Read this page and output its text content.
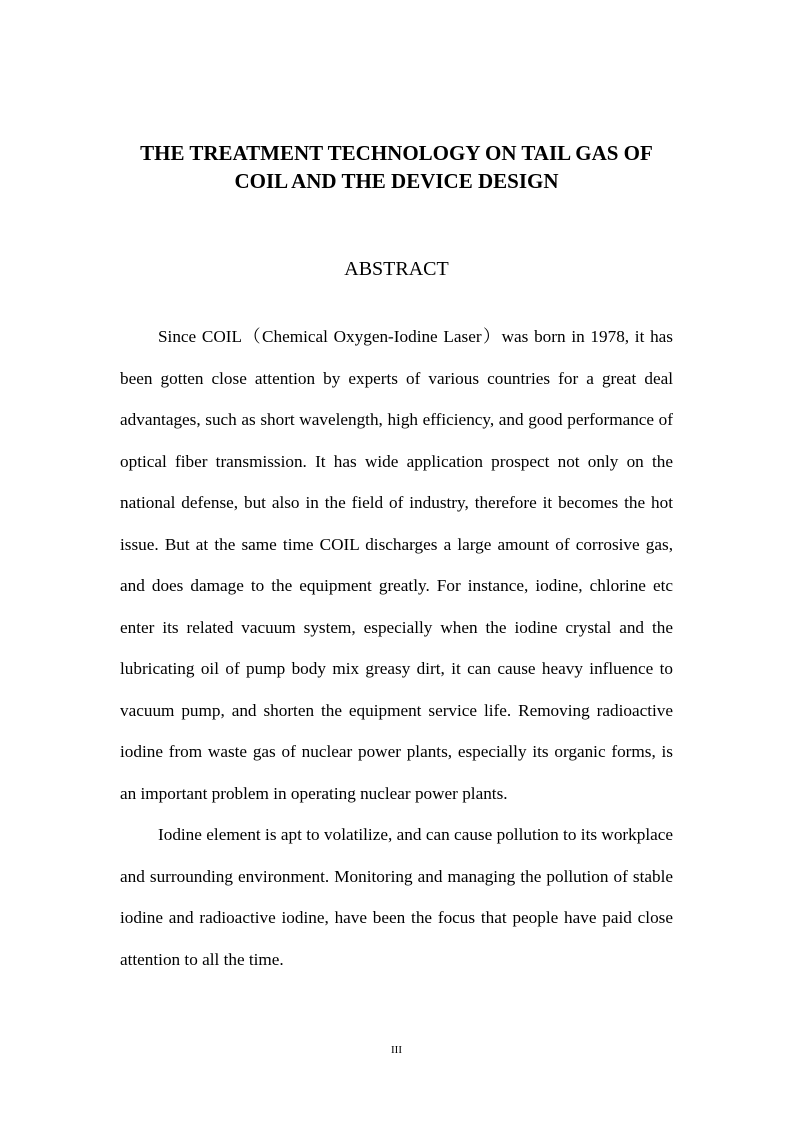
THE TREATMENT TECHNOLOGY ON TAIL GAS OF
COIL AND THE DEVICE DESIGN
ABSTRACT

Since COIL（Chemical Oxygen-Iodine Laser）was born in 1978, it has been gotten close attention by experts of various countries for a great deal advantages, such as short wavelength, high efficiency, and good performance of optical fiber transmission. It has wide application prospect not only on the national defense, but also in the field of industry, therefore it becomes the hot issue. But at the same time COIL discharges a large amount of corrosive gas, and does damage to the equipment greatly. For instance, iodine, chlorine etc enter its related vacuum system, especially when the iodine crystal and the lubricating oil of pump body mix greasy dirt, it can cause heavy influence to vacuum pump, and shorten the equipment service life. Removing radioactive iodine from waste gas of nuclear power plants, especially its organic forms, is an important problem in operating nuclear power plants.

Iodine element is apt to volatilize, and can cause pollution to its workplace and surrounding environment. Monitoring and managing the pollution of stable iodine and radioactive iodine, have been the focus that people have paid close attention to all the time.

III
